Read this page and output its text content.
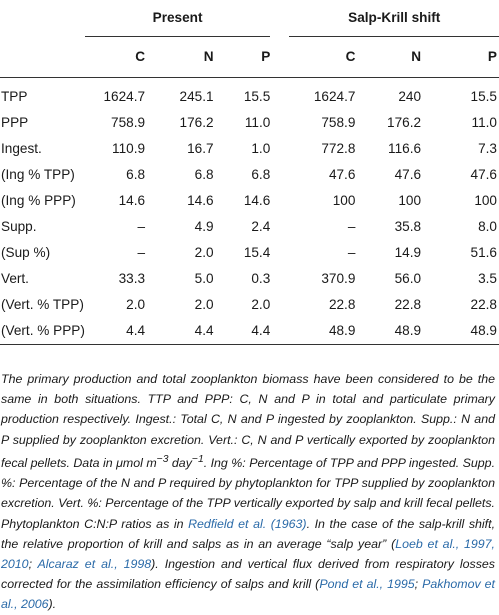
	Present				Salp-Krill shift		
	C	N	P		C	N	P
TPP	1624.7	245.1	15.5		1624.7	240	15.5
PPP	758.9	176.2	11.0		758.9	176.2	11.0
Ingest.	110.9	16.7	1.0		772.8	116.6	7.3
(Ing % TPP)	6.8	6.8	6.8		47.6	47.6	47.6
(Ing % PPP)	14.6	14.6	14.6		100	100	100
Supp.	–	4.9	2.4		–	35.8	8.0
(Sup %)	–	2.0	15.4		–	14.9	51.6
Vert.	33.3	5.0	0.3		370.9	56.0	3.5
(Vert. % TPP)	2.0	2.0	2.0		22.8	22.8	22.8
(Vert. % PPP)	4.4	4.4	4.4		48.9	48.9	48.9
The primary production and total zooplankton biomass have been considered to be the same in both situations. TTP and PPP: C, N and P in total and particulate primary production respectively. Ingest.: Total C, N and P ingested by zooplankton. Supp.: N and P supplied by zooplankton excretion. Vert.: C, N and P vertically exported by zooplankton fecal pellets. Data in μmol $m^{-3}$ day$^{-1}$. Ing %: Percentage of TPP and PPP ingested. Supp. %: Percentage of the N and P required by phytoplankton for TPP supplied by zooplankton excretion. Vert. %: Percentage of the TPP vertically exported by salp and krill fecal pellets. Phytoplankton C:N:P ratios as in Redfield et al. (1963). In the case of the salp-krill shift, the relative proportion of krill and salps as in an average “salp year” (Loeb et al., 1997, 2010; Alcaraz et al., 1998). Ingestion and vertical flux derived from respiratory losses corrected for the assimilation efficiency of salps and krill (Pond et al., 1995; Pakhomov et al., 2006).
